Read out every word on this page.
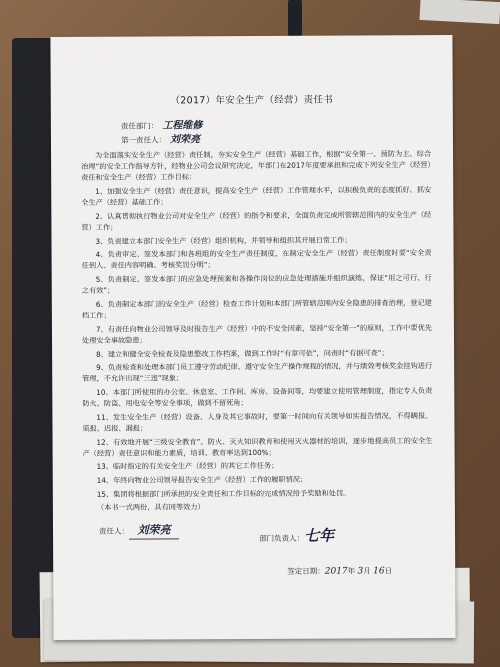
（2017）年安全生产（经营）责任书
责任部门： 工程维修
第一责任人： 刘荣亮

为全面落实安全生产（经营）责任制，夯实安全生产（经营）基础工作，根据“安全第一、预防为主、综合治理”的安全工作指导方针，经物业公司会议研究决定，年部门在2017年度要承担和完成下列安全生产（经营）责任和安全生产（经营）工作目标：

1、加强安全生产（经营）责任意识，提高安全生产（经营）工作管理水平，以积极负责的态度抓好、抓安全生产（经营）基础工作；

2、认真贯彻执行物业公司对安全生产（经营）的指令和要求，全面负责完成所管辖范围内的安全生产（经营）工作；

3、负责建立本部门安全生产（经营）组织机构，并领导和组织其开展日常工作；

4、负责审定、签发本部门和各班组的安全生产责任制度，在制定安全生产（经营）责任制度时要“安全责任到人、责任内容明确、考核奖罚分明”；

5、负责制定、签发本部门的应急处理预案和各操作岗位的应急处理措施并组织演练，保证“用之可行、行之有效”；

6、负责制定本部门的安全生产（经营）检查工作计划和本部门所管辖范围内安全隐患的排查治理，登记建档工作；

7、有责任向物业公司领导及时报告生产（经营）中的不安全因素，坚持“安全第一”的原则，工作中要优先处理安全事故隐患；

8、建立和健全安全检查及隐患整改工作档案，做到工作时“有章可依”，问责时“有据可查”；

9、负责检查和处理本部门员工遵守劳动纪律、遵守安全生产操作规程的情况，并与绩效考核奖金挂钩进行管理，不允许出现“三违”现象；

10、本部门所使用的办公室、休息室、工作间、库房、设备间等，均要建立使用管理制度，指定专人负责防火、防盗、用电安全等安全事项，做到不留死角；

11、发生安全生产（经营）设备、人身及其它事故时，要第一时间向有关领导如实报告情况，不得瞒报、谎报、迟报、漏报；

12、有效地开展“三级安全教育”、防火、灭火知识教育和使用灭火器材的培训，逐步地提高员工的安全生产（经营）责任意识和能力素质，培训、教育率达到100%；

13、临时指定的有关安全生产（经营）的其它工作任务；

14、年终向物业公司领导报告安全生产（经营）工作的履职情况；

15、集团将根据部门所承担的安全责任和工作目标的完成情况给予奖励和处罚。

（本书一式两份，具有同等效力）

责任人： 刘荣亮
部门负责人：七年
签定日期：2017年 3月 16日
